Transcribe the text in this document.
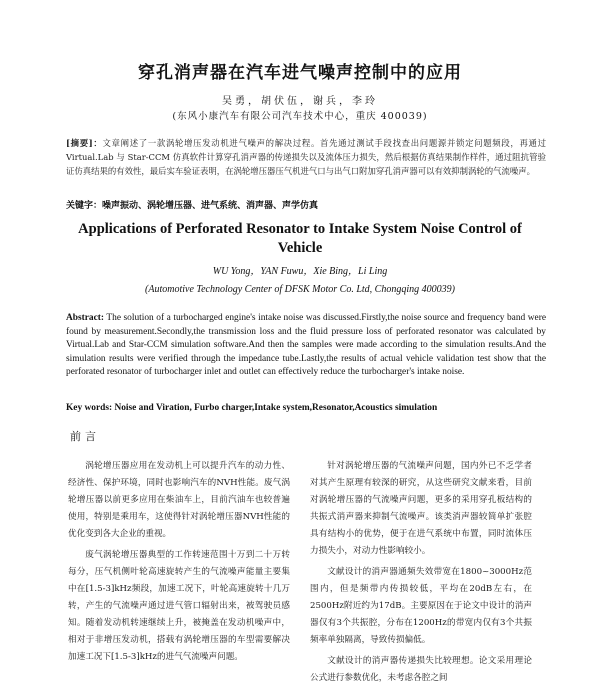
穿孔消声器在汽车进气噪声控制中的应用
吴勇，胡伏伍，谢兵，李玲
(东风小康汽车有限公司汽车技术中心，重庆 400039)
[摘要]：文章阐述了一款涡轮增压发动机进气噪声的解决过程。首先通过测试手段找查出问题源并锁定问题频段，再通过 Virtual.Lab 与 Star-CCM 仿真软件计算穿孔消声器的传递损失以及流体压力损失，然后根据仿真结果制作样件，通过阻抗管验证仿真结果的有效性，最后实车验证表明，在涡轮增压器压气机进气口与出气口附加穿孔消声器可以有效抑制涡轮的气流噪声。
关键字：噪声振动、涡轮增压器、进气系统、消声器、声学仿真
Applications of Perforated Resonator to Intake System Noise Control of Vehicle
WU Yong，YAN Fuwu，Xie Bing，Li Ling
(Automotive Technology Center of DFSK Motor Co. Ltd, Chongqing 400039)
Abstract: The solution of a turbocharged engine's intake noise was discussed.Firstly,the noise source and frequency band were found by measurement.Secondly,the transmission loss and the fluid pressure loss of perforated resonator was calculated by Virtual.Lab and Star-CCM simulation software.And then the samples were made according to the simulation results.And the simulation results were verified through the impedance tube.Lastly,the results of actual vehicle validation test show that the perforated resonator of turbocharger inlet and outlet can effectively reduce the turbocharger's intake noise.
Key words: Noise and Viration, Furbo charger,Intake system,Resonator,Acoustics simulation
前言

涡轮增压器应用在发动机上可以提升汽车的动力性、经济性、保护环境，同时也影响汽车的NVH性能。废气涡轮增压器以前更多应用在柴油车上，目前汽油车也较普遍使用，特别是乘用车，这使得针对涡轮增压器NVH性能的优化变到各大企业的重视。

废气涡轮增压器典型的工作转速范围十万到二十万转每分，压气机侧叶轮高速旋转产生的气流噪声能量主要集中在[1.5-3]kHz频段，加速工况下，叶轮高速旋转十几万转，产生的气流噪声通过进气管口辐射出来，被驾驶员感知。随着发动机转速继续上升，被掩盖在发动机噪声中，相对于非增压发动机，搭载有涡轮增压器的车型需要解决加速工况下[1.5-3]kHz的进气气流噪声问题。

针对涡轮增压器的气流噪声问题，国内外已不乏学者对其产生原理有较深的研究，从这些研究文献来看，目前对涡轮增压器的气流噪声问题，更多的采用穿孔板结构的共振式消声器来抑制气流噪声。该类消声器较简单扩张腔具有结构小的优势，便于在进气系统中布置，同时流体压力损失小，对动力性影响较小。

文献设计的消声器通频失效带宽在1800~3000Hz范围内，但是频带内传损较低，平均在20dB左右，在2500Hz附近约为17dB。主要原因在于论文中设计的消声器仅有3个共振腔，分布在1200Hz的带宽内仅有3个共振频率单独隔离，导致传损偏低。

文献设计的消声器传递损失比较理想。论文采用理论公式进行参数优化，未考虑各腔之间
